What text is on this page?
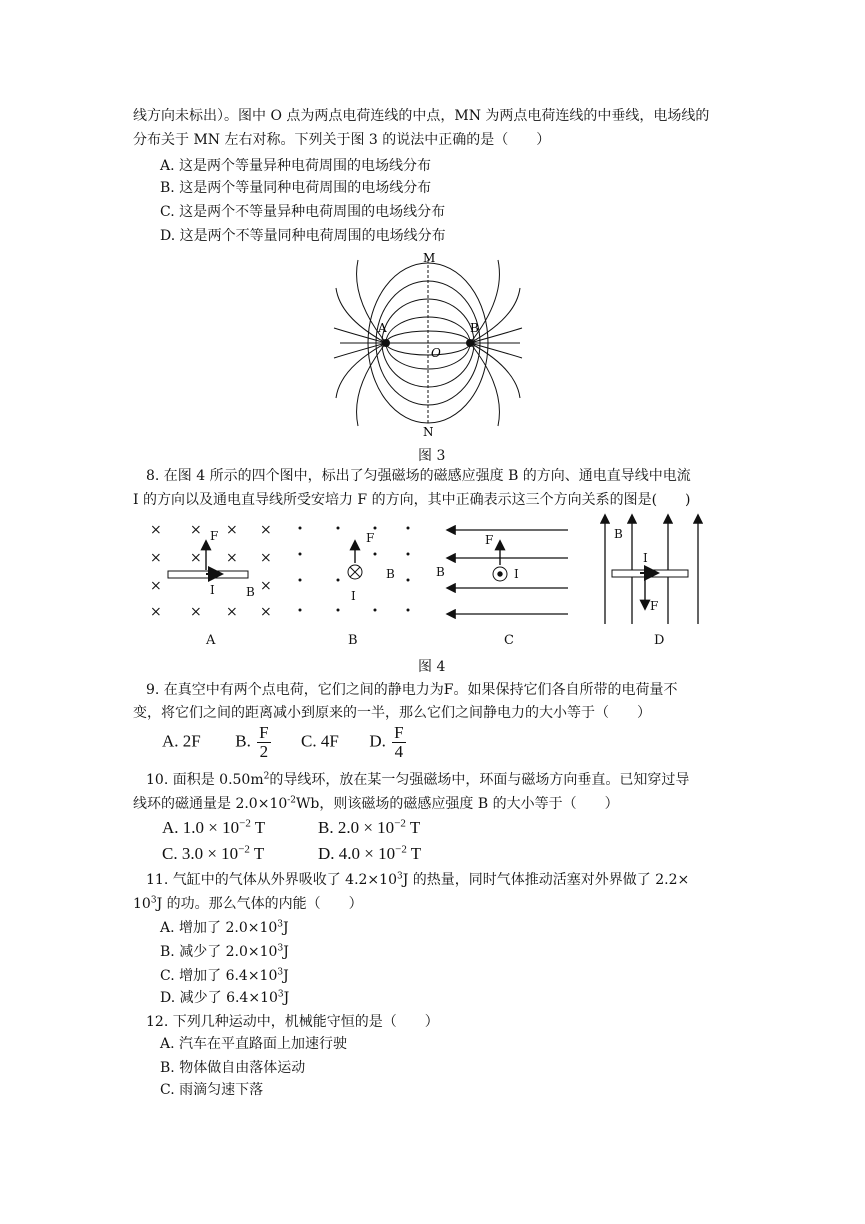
线方向未标出）。图中 O 点为两点电荷连线的中点，MN 为两点电荷连线的中垂线，电场线的
分布关于 MN 左右对称。下列关于图 3 的说法中正确的是（　　）
A. 这是两个等量异种电荷周围的电场线分布
B. 这是两个等量同种电荷周围的电场线分布
C. 这是两个不等量异种电荷周围的电场线分布
D. 这是两个不等量同种电荷周围的电场线分布
M
N
A	B
O
图 3
8. 在图 4 所示的四个图中，标出了匀强磁场的磁感应强度 B 的方向、通电直导线中电流
I 的方向以及通电直导线所受安培力 F 的方向，其中正确表示这三个方向关系的图是(　　)
× × × ×
× × × ×
×	×
× × × ×
F
I	B
A
F
I
B
B
F
I
B
C
F
I
B
D
图 4
9. 在真空中有两个点电荷，它们之间的静电力为F。如果保持它们各自所带的电荷量不
变，将它们之间的距离减小到原来的一半，那么它们之间静电力的大小等于（　　）
A. 2F B. $\frac{F}{2} C$. 4F D. $\frac{F}{4}$
10. 面积是 $0.50m^2$的导线环，放在某一匀强磁场中，环面与磁场方向垂直。已知穿过导
线环的磁通量是 $2.0\times 10^{-2}Wb$，则该磁场的磁感应强度 B 的大小等于（　　）
A. $1.0 \times 10^{-2}$ T	B. $2.0 \times 10^{-2}$ T
C. $3.0 \times 10^{-2}$ T	D. $4.0 \times 10^{-2}$ T
11. 气缸中的气体从外界吸收了 $4.2\times 10^3J$ 的热量，同时气体推动活塞对外界做了 2.2×
$10^3J$ 的功。那么气体的内能（　　）
A. 增加了 $2.0\times 10^3J$
B. 减少了 $2.0\times 10^3J$
C. 增加了 $6.4\times 10^3J$
D. 减少了 $6.4\times 10^3J$
12. 下列几种运动中，机械能守恒的是（　　）
A. 汽车在平直路面上加速行驶
B. 物体做自由落体运动
C. 雨滴匀速下落
